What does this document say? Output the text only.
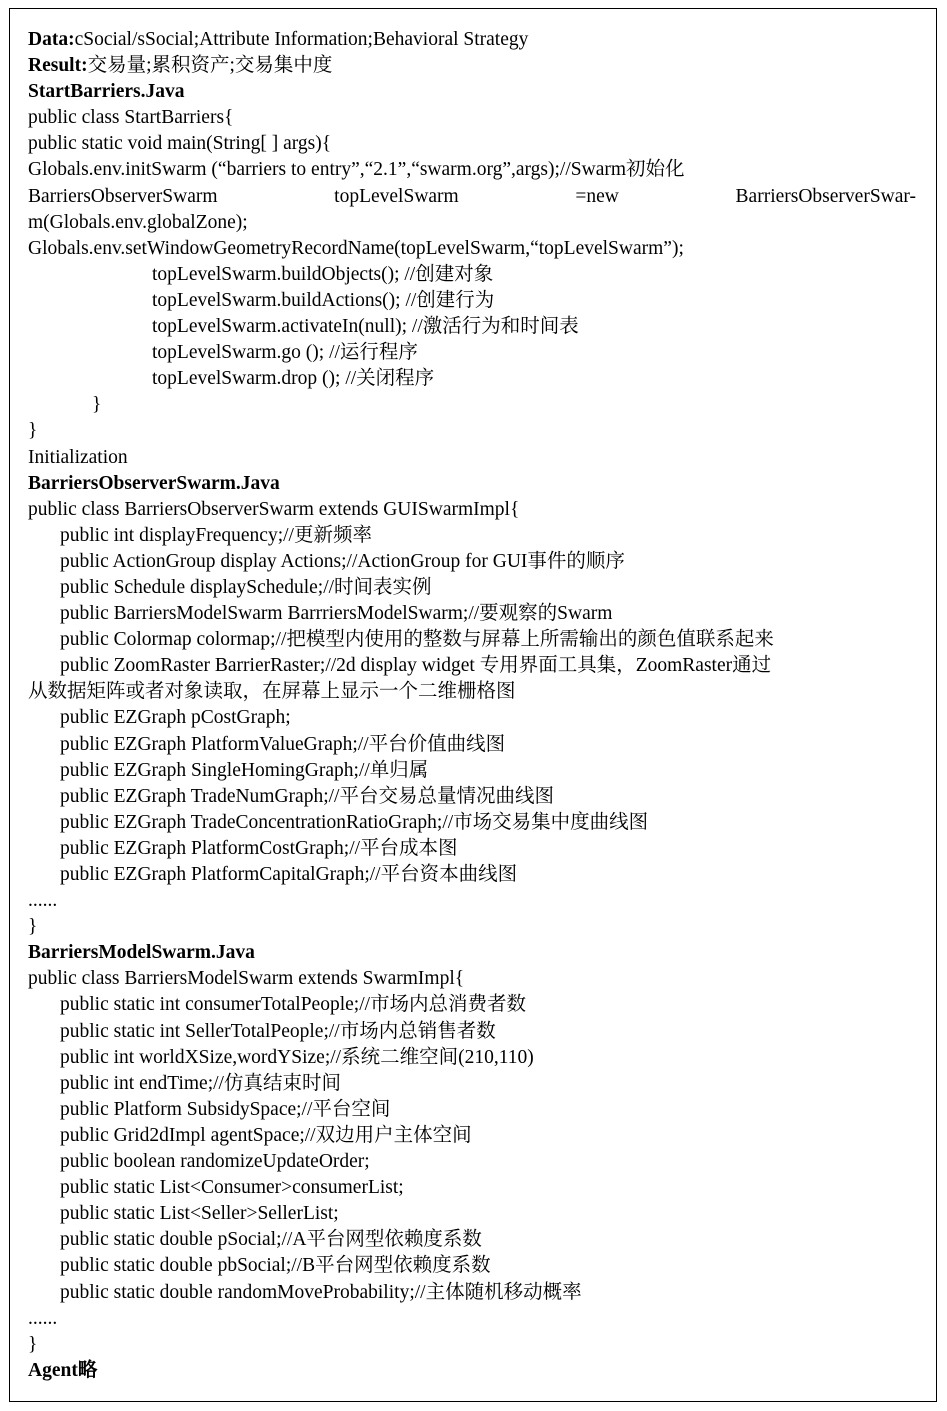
Data:cSocial/sSocial;Attribute Information;Behavioral Strategy
Result:交易量;累积资产;交易集中度
StartBarriers.Java
public class StartBarriers{
public static void main(String[ ] args){
Globals.env.initSwarm (“barriers to entry”,“2.1”,“swarm.org”,args);//Swarm初始化
BarriersObserverSwarm	topLevelSwarm	=new	BarriersObserverSwar-
m(Globals.env.globalZone);
Globals.env.setWindowGeometryRecordName(topLevelSwarm,“topLevelSwarm”);
topLevelSwarm.buildObjects(); //创建对象
topLevelSwarm.buildActions(); //创建行为
topLevelSwarm.activateIn(null); //激活行为和时间表
topLevelSwarm.go (); //运行程序
topLevelSwarm.drop (); //关闭程序
}
}
Initialization
BarriersObserverSwarm.Java
public class BarriersObserverSwarm extends GUISwarmImpl{
public int displayFrequency;//更新频率
public ActionGroup display Actions;//ActionGroup for GUI事件的顺序
public Schedule displaySchedule;//时间表实例
public BarriersModelSwarm BarrriersModelSwarm;//要观察的Swarm
public Colormap colormap;//把模型内使用的整数与屏幕上所需输出的颜色值联系起来
public ZoomRaster BarrierRaster;//2d display widget 专用界面工具集，ZoomRaster通过
从数据矩阵或者对象读取，在屏幕上显示一个二维栅格图
public EZGraph pCostGraph;
public EZGraph PlatformValueGraph;//平台价值曲线图
public EZGraph SingleHomingGraph;//单归属
public EZGraph TradeNumGraph;//平台交易总量情况曲线图
public EZGraph TradeConcentrationRatioGraph;//市场交易集中度曲线图
public EZGraph PlatformCostGraph;//平台成本图
public EZGraph PlatformCapitalGraph;//平台资本曲线图
......
}
BarriersModelSwarm.Java
public class BarriersModelSwarm extends SwarmImpl{
public static int consumerTotalPeople;//市场内总消费者数
public static int SellerTotalPeople;//市场内总销售者数
public int worldXSize,wordYSize;//系统二维空间(210,110)
public int endTime;//仿真结束时间
public Platform SubsidySpace;//平台空间
public Grid2dImpl agentSpace;//双边用户主体空间
public boolean randomizeUpdateOrder;
public static List<Consumer>consumerList;
public static List<Seller>SellerList;
public static double pSocial;//A平台网型依赖度系数
public static double pbSocial;//B平台网型依赖度系数
public static double randomMoveProbability;//主体随机移动概率
......
}
Agent略
